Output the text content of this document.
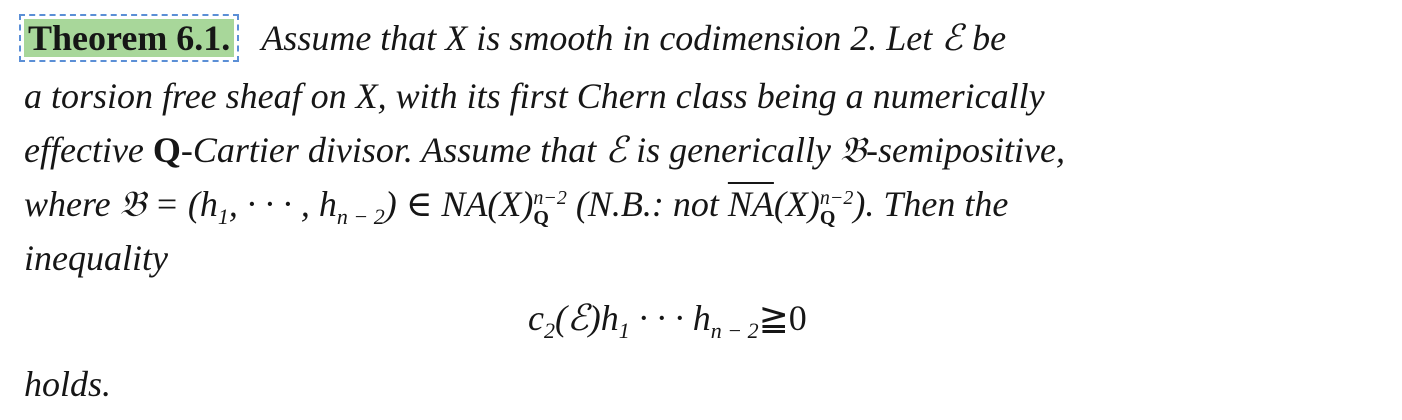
Theorem 6.1. Assume that X is smooth in codimension 2. Let ℰ be
a torsion free sheaf on X, with its first Chern class being a numerically
effective Q-Cartier divisor. Assume that ℰ is generically 𝔅-semipositive,
where 𝔅 = ($h_1$, · · · , $h_{n - 2}$) ∈ NA(X) n−2
Q (N.B.: not $\overline{NA}(X)$ n−2
Q ). Then the
inequality
$c_2(ℰ)h_1$ · · · $h_{n - 2}≧0$
holds.
